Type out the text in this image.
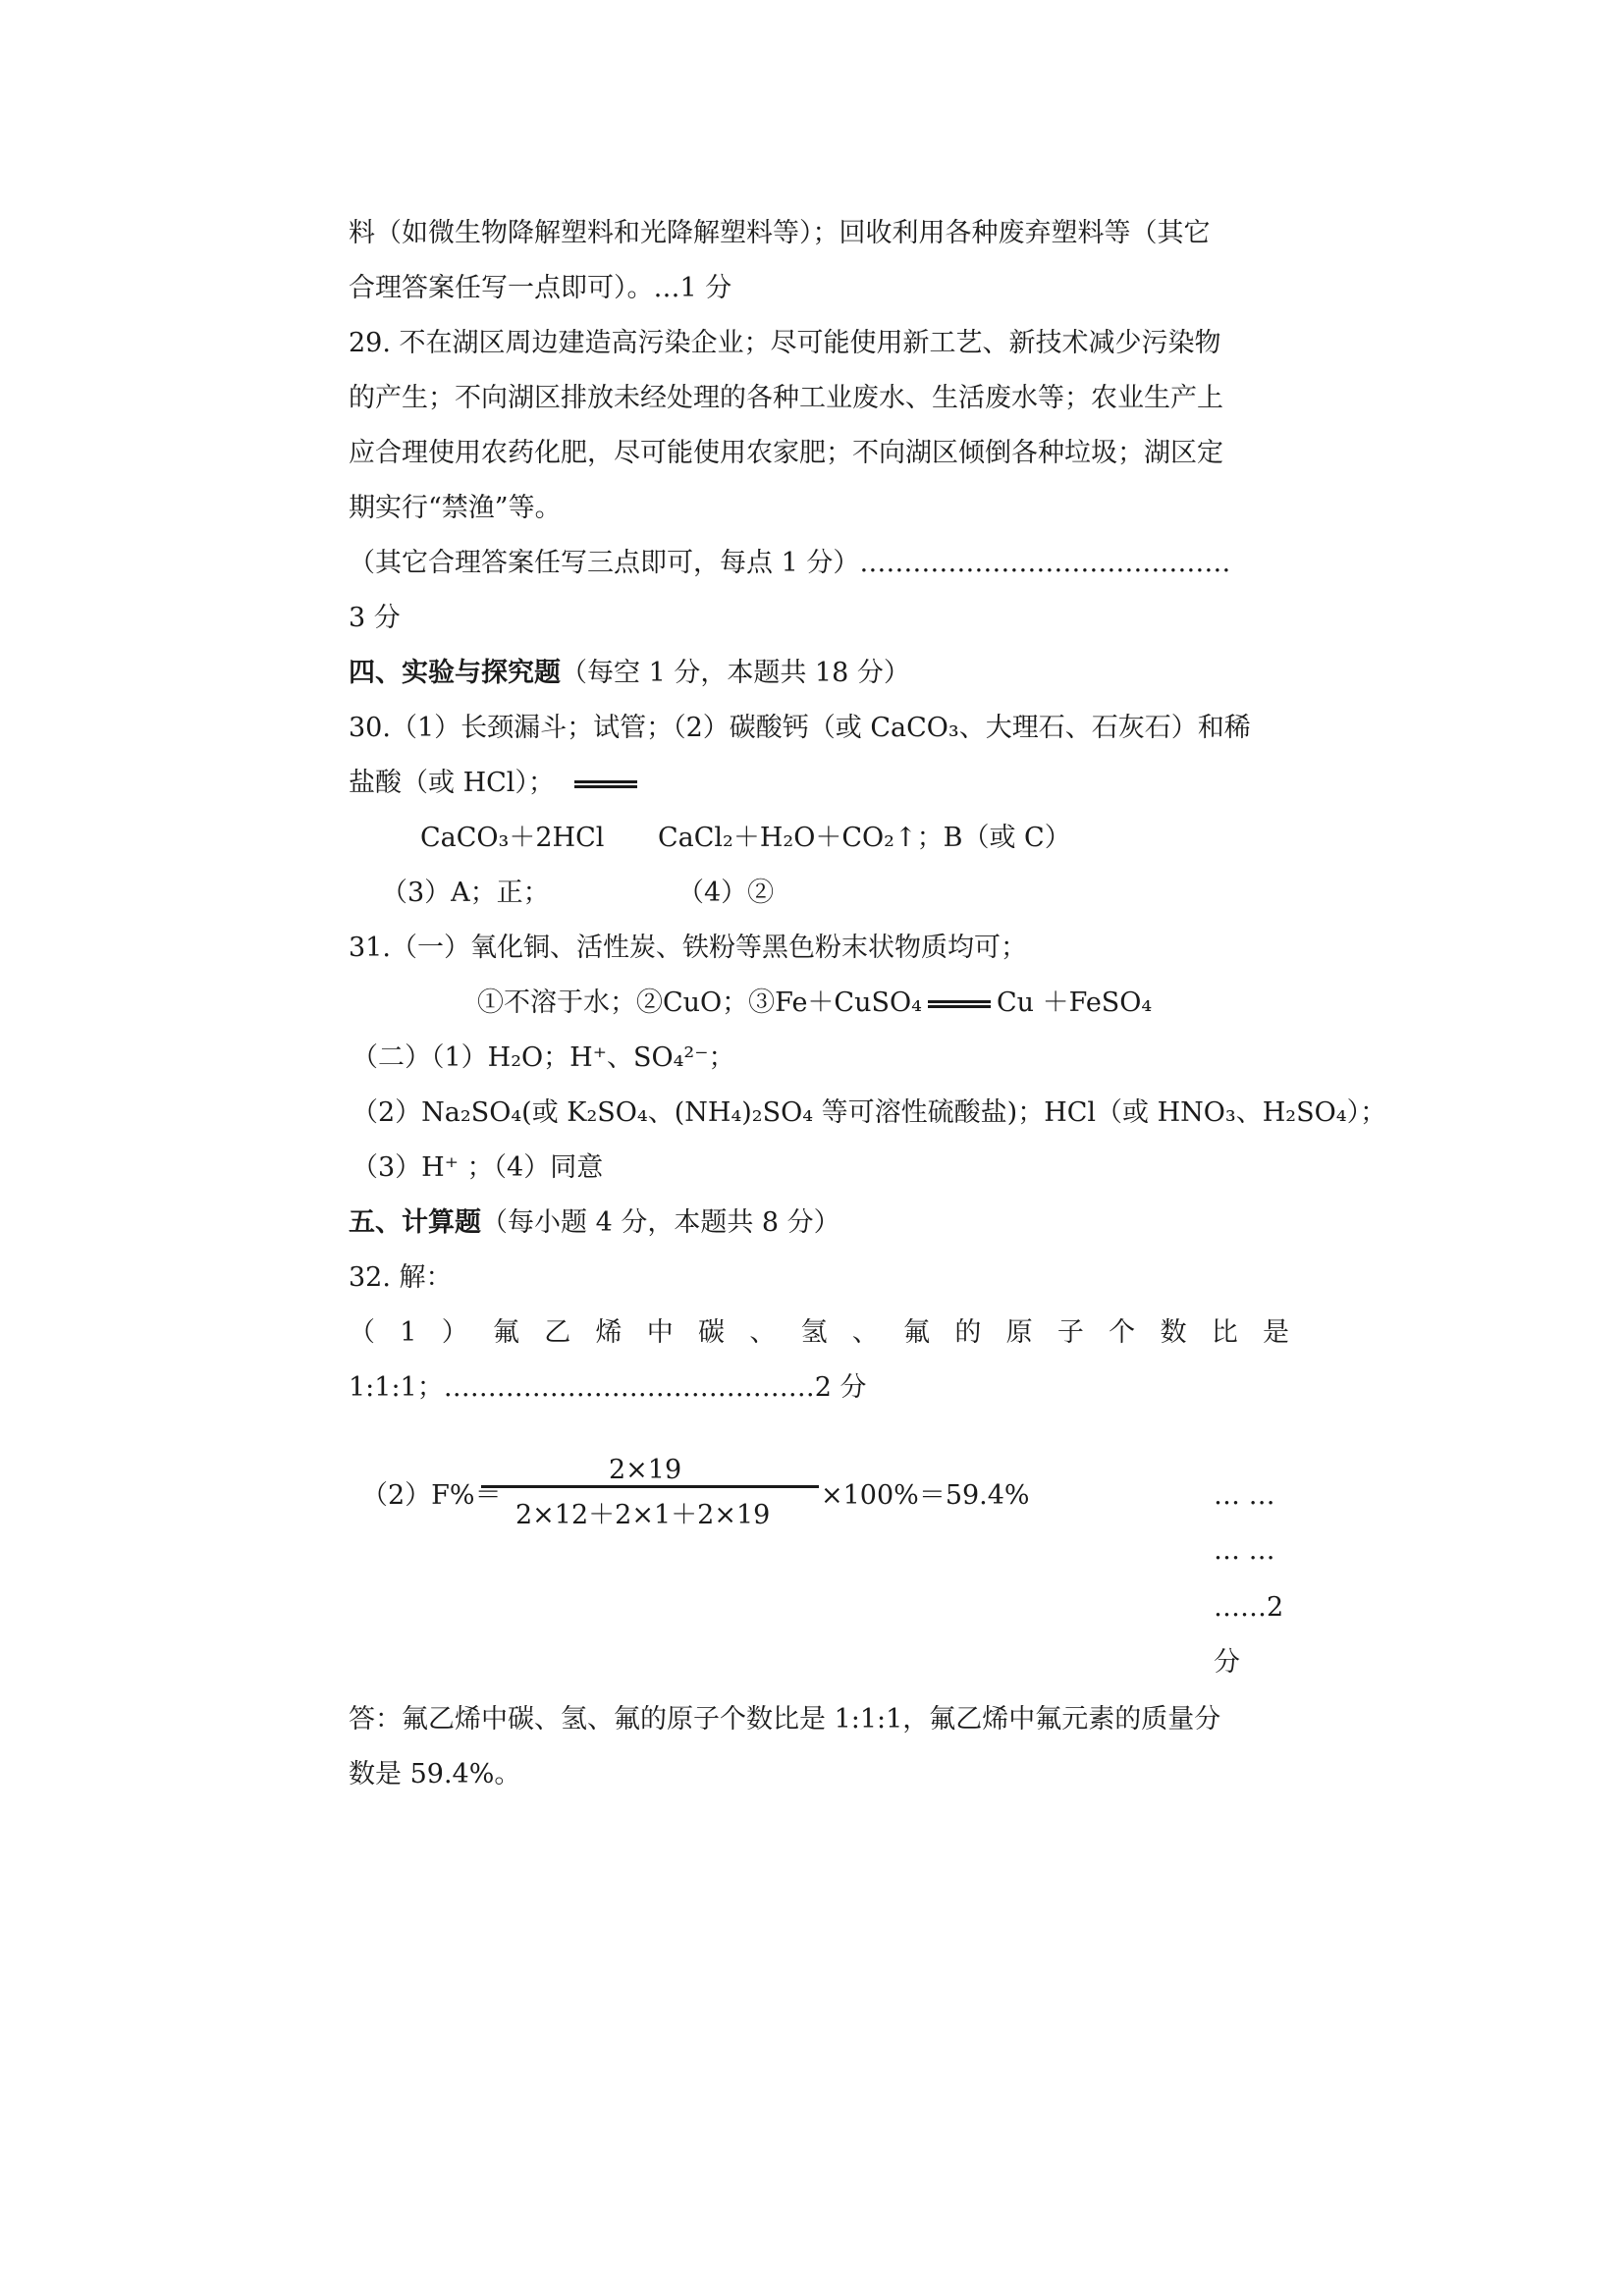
料（如微生物降解塑料和光降解塑料等）；回收利用各种废弃塑料等（其它
合理答案任写一点即可）。…1 分
29. 不在湖区周边建造高污染企业；尽可能使用新工艺、新技术减少污染物
的产生；不向湖区排放未经处理的各种工业废水、生活废水等；农业生产上
应合理使用农药化肥，尽可能使用农家肥；不向湖区倾倒各种垃圾；湖区定
期实行“禁渔”等。
（其它合理答案任写三点即可，每点 1 分）……………………………………
3 分
四、实验与探究题（每空 1 分，本题共 18 分）
30.（1）长颈漏斗；试管；（2）碳酸钙（或 CaCO₃、大理石、石灰石）和稀
盐酸（或 HCl）；
CaCO₃＋2HCl CaCl₂＋H₂O＋CO₂↑；B（或 C）
（3）A；正；	（4）②
31.（一）氧化铜、活性炭、铁粉等黑色粉末状物质均可；
①不溶于水；②CuO；③Fe＋CuSO₄	Cu ＋FeSO₄
（二）（1）H₂O；H⁺、SO₄²⁻；
（2）Na₂SO₄(或 K₂SO₄、(NH₄)₂SO₄ 等可溶性硫酸盐)；HCl（或 HNO₃、H₂SO₄）；
（3）H⁺ ；（4）同意
五、计算题（每小题 4 分，本题共 8 分）
32. 解：
（ 1 ） 氟 乙 烯 中 碳 、 氢 、 氟 的 原 子 个 数 比 是
1:1:1；……………………………………2 分
（2）F%＝
2×19
2×12＋2×1＋2×19
×100%＝59.4%	… …
… …
……2
分
答：氟乙烯中碳、氢、氟的原子个数比是 1:1:1，氟乙烯中氟元素的质量分
数是 59.4%。
